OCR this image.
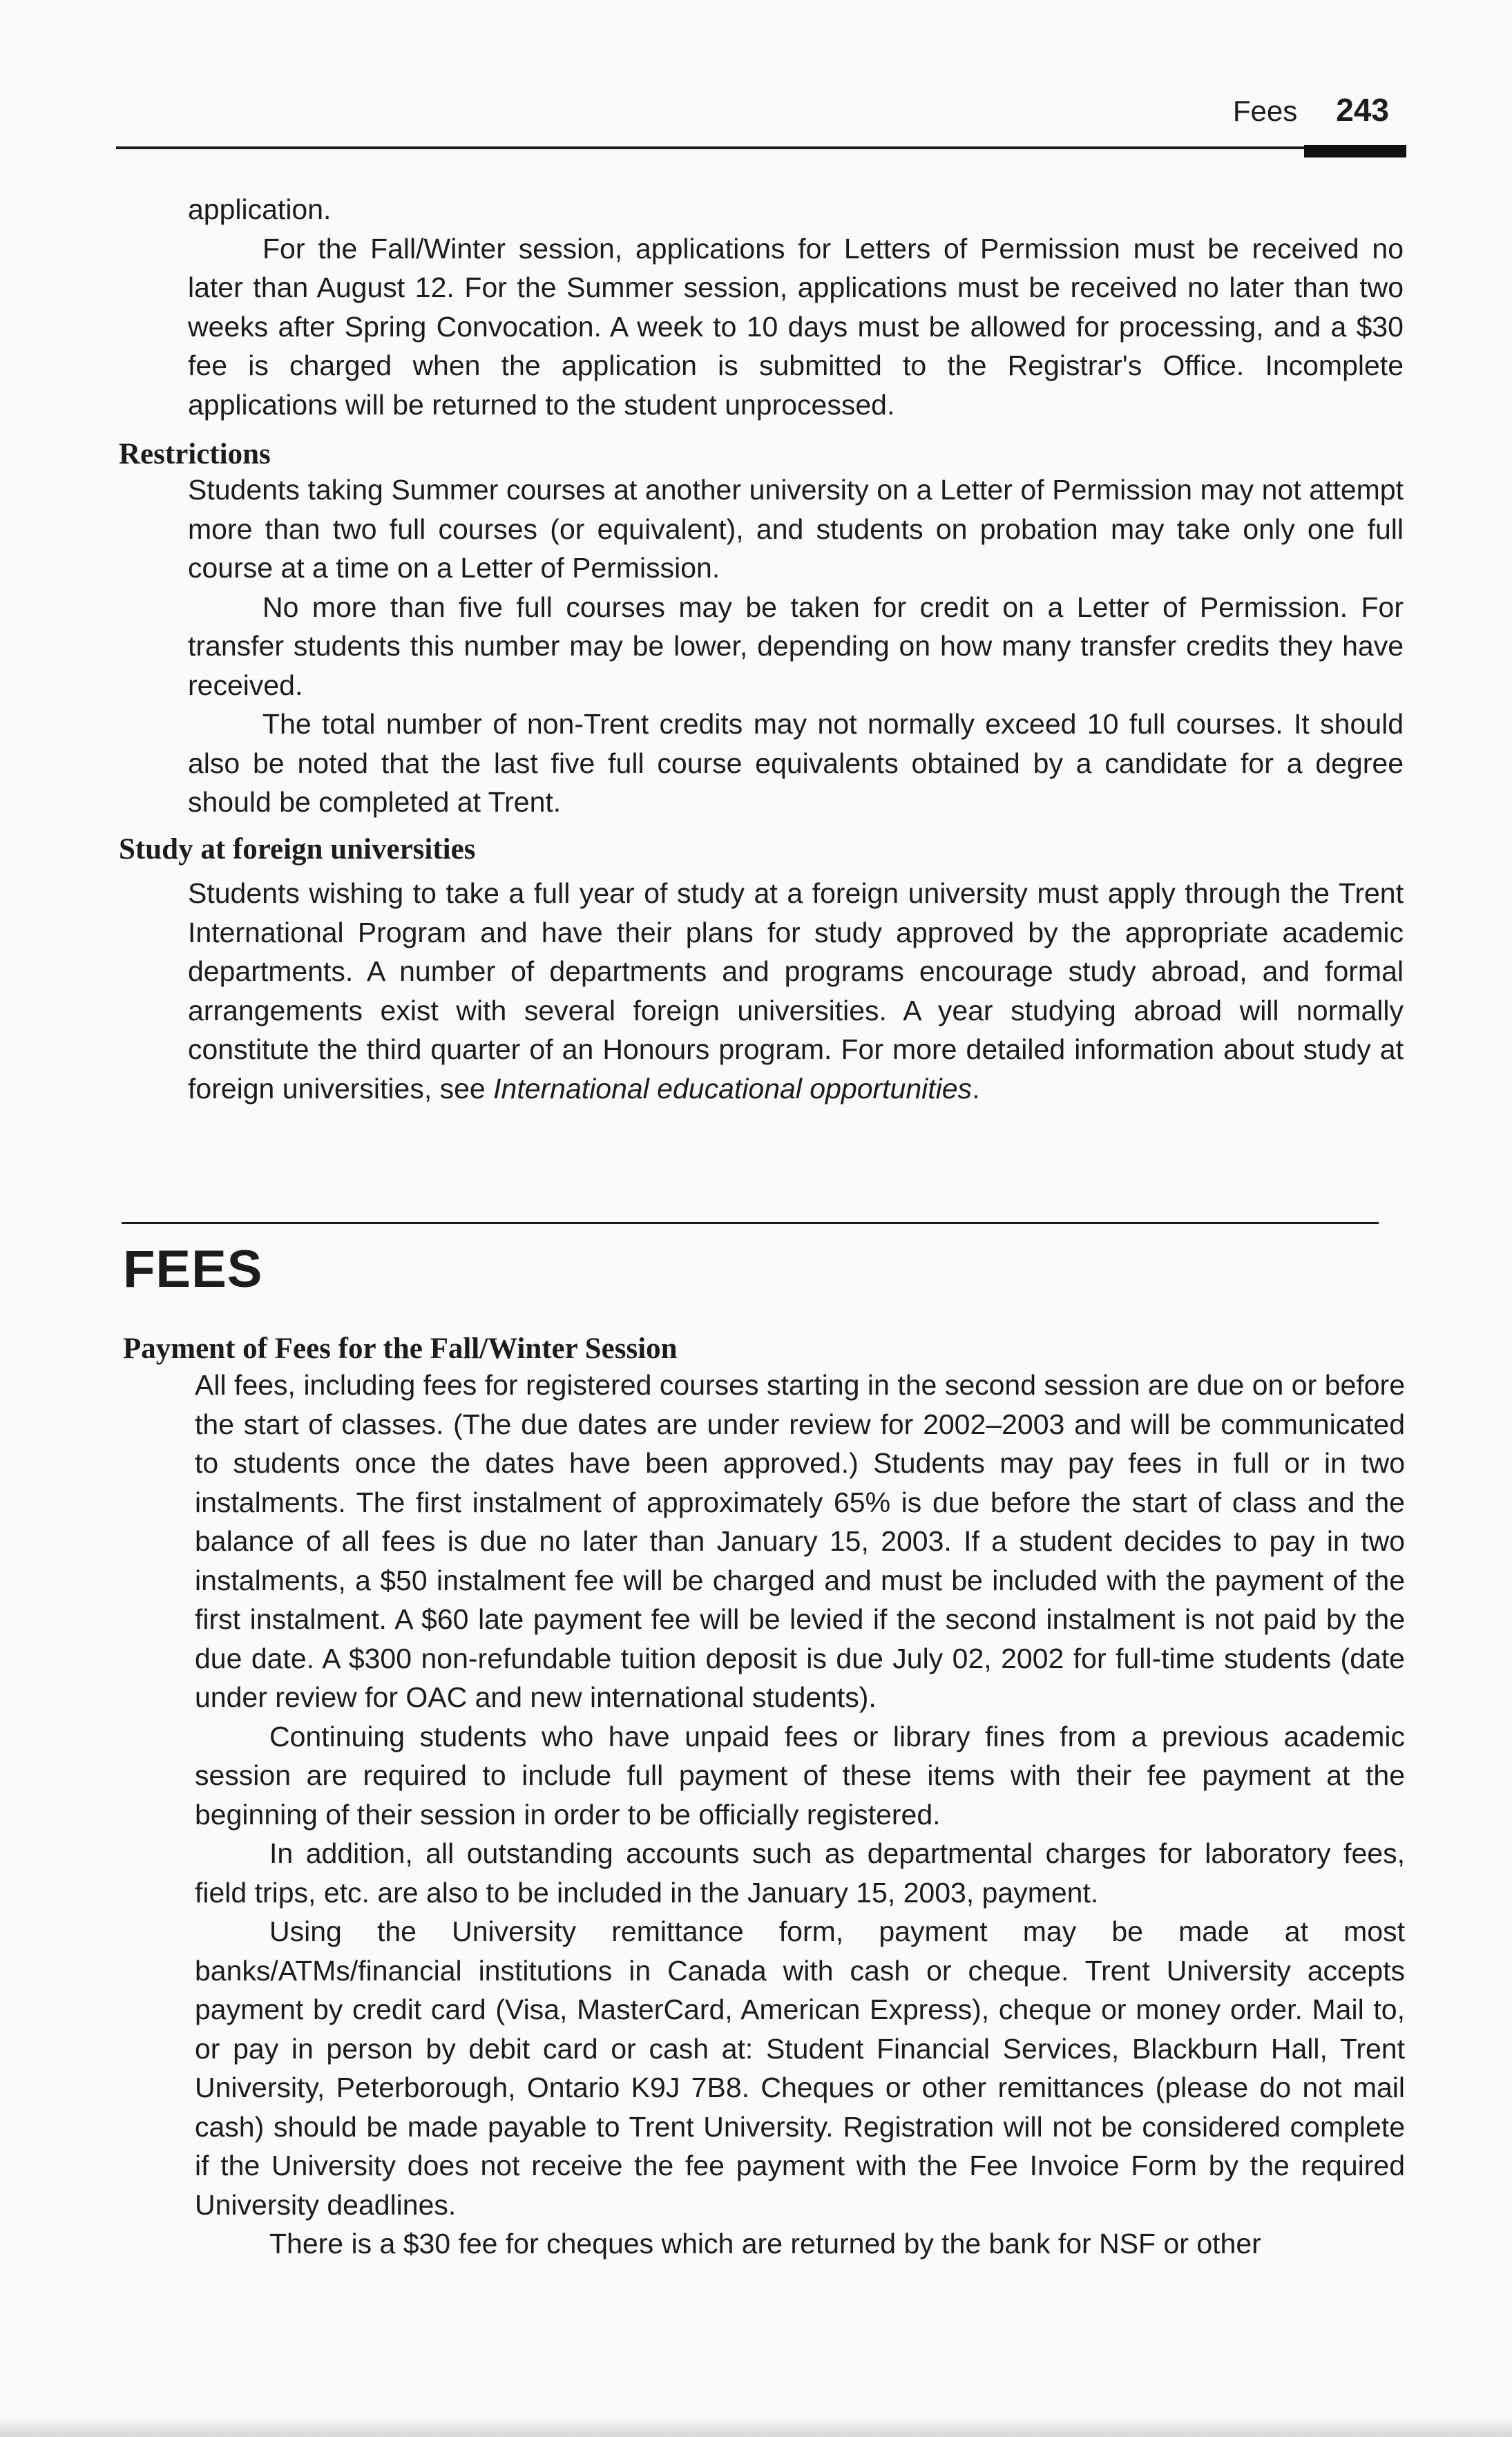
Fees 243

application.

For the Fall/Winter session, applications for Letters of Permission must be received no later than August 12. For the Summer session, applications must be received no later than two weeks after Spring Convocation. A week to 10 days must be allowed for processing, and a $30 fee is charged when the application is submitted to the Registrar's Office. Incomplete applications will be returned to the student unprocessed.

Restrictions

Students taking Summer courses at another university on a Letter of Permission may not attempt more than two full courses (or equivalent), and students on probation may take only one full course at a time on a Letter of Permission.

No more than five full courses may be taken for credit on a Letter of Permission. For transfer students this number may be lower, depending on how many transfer credits they have received.

The total number of non-Trent credits may not normally exceed 10 full courses. It should also be noted that the last five full course equivalents obtained by a candidate for a degree should be completed at Trent.

Study at foreign universities

Students wishing to take a full year of study at a foreign university must apply through the Trent International Program and have their plans for study approved by the appropriate academic departments. A number of departments and programs encourage study abroad, and formal arrangements exist with several foreign universities. A year studying abroad will normally constitute the third quarter of an Honours program. For more detailed information about study at foreign universities, see International educational opportunities.

FEES
Payment of Fees for the Fall/Winter Session

All fees, including fees for registered courses starting in the second session are due on or before the start of classes. (The due dates are under review for 2002–2003 and will be communicated to students once the dates have been approved.) Students may pay fees in full or in two instalments. The first instalment of approximately 65% is due before the start of class and the balance of all fees is due no later than January 15, 2003. If a student decides to pay in two instalments, a $50 instalment fee will be charged and must be included with the payment of the first instalment. A $60 late payment fee will be levied if the second instalment is not paid by the due date. A $300 non-refundable tuition deposit is due July 02, 2002 for full-time students (date under review for OAC and new international students).

Continuing students who have unpaid fees or library fines from a previous academic session are required to include full payment of these items with their fee payment at the beginning of their session in order to be officially registered.

In addition, all outstanding accounts such as departmental charges for laboratory fees, field trips, etc. are also to be included in the January 15, 2003, payment.

Using the University remittance form, payment may be made at most banks/ATMs/financial institutions in Canada with cash or cheque. Trent University accepts payment by credit card (Visa, MasterCard, American Express), cheque or money order. Mail to, or pay in person by debit card or cash at: Student Financial Services, Blackburn Hall, Trent University, Peterborough, Ontario K9J 7B8. Cheques or other remittances (please do not mail cash) should be made payable to Trent University. Registration will not be considered complete if the University does not receive the fee payment with the Fee Invoice Form by the required University deadlines.

There is a $30 fee for cheques which are returned by the bank for NSF or other
